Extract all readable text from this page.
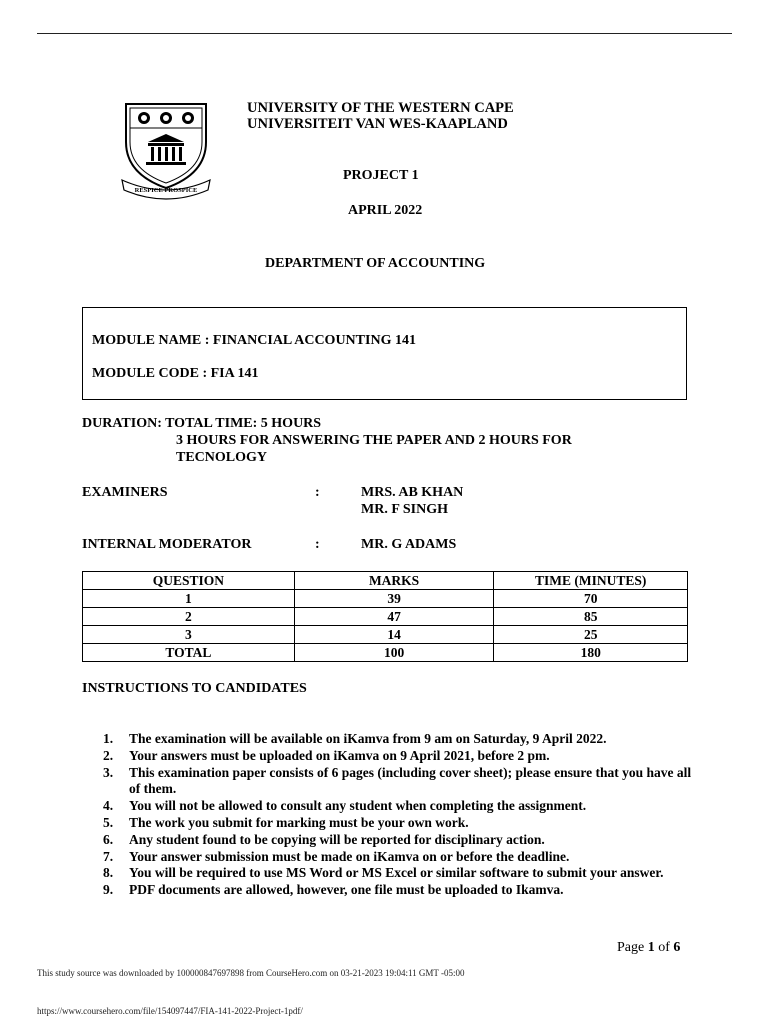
RESPICE PROSPICE
UNIVERSITY OF THE WESTERN CAPE
UNIVERSITEIT VAN WES-KAAPLAND
PROJECT 1
APRIL 2022
DEPARTMENT OF ACCOUNTING
MODULE NAME : FINANCIAL ACCOUNTING 141
MODULE CODE : FIA 141
DURATION: TOTAL TIME: 5 HOURS
3 HOURS FOR ANSWERING THE PAPER AND 2 HOURS FOR
TECNOLOGY
EXAMINERS	:	MRS. AB KHAN
MR. F SINGH
INTERNAL MODERATOR	:	MR. G ADAMS
QUESTION	MARKS	TIME (MINUTES)
1	39	70
2	47	85
3	14	25
TOTAL	100	180
INSTRUCTIONS TO CANDIDATES
1.	The examination will be available on iKamva from 9 am on Saturday, 9 April 2022.
2.	Your answers must be uploaded on iKamva on 9 April 2021, before 2 pm.
3.	This examination paper consists of 6 pages (including cover sheet); please ensure that you have all of them.
4.	You will not be allowed to consult any student when completing the assignment.
5.	The work you submit for marking must be your own work.
6.	Any student found to be copying will be reported for disciplinary action.
7.	Your answer submission must be made on iKamva on or before the deadline.
8.	You will be required to use MS Word or MS Excel or similar software to submit your answer.
9.	PDF documents are allowed, however, one file must be uploaded to Ikamva.
Page 1 of 6
This study source was downloaded by 100000847697898 from CourseHero.com on 03-21-2023 19:04:11 GMT -05:00
https://www.coursehero.com/file/154097447/FIA-141-2022-Project-1pdf/
